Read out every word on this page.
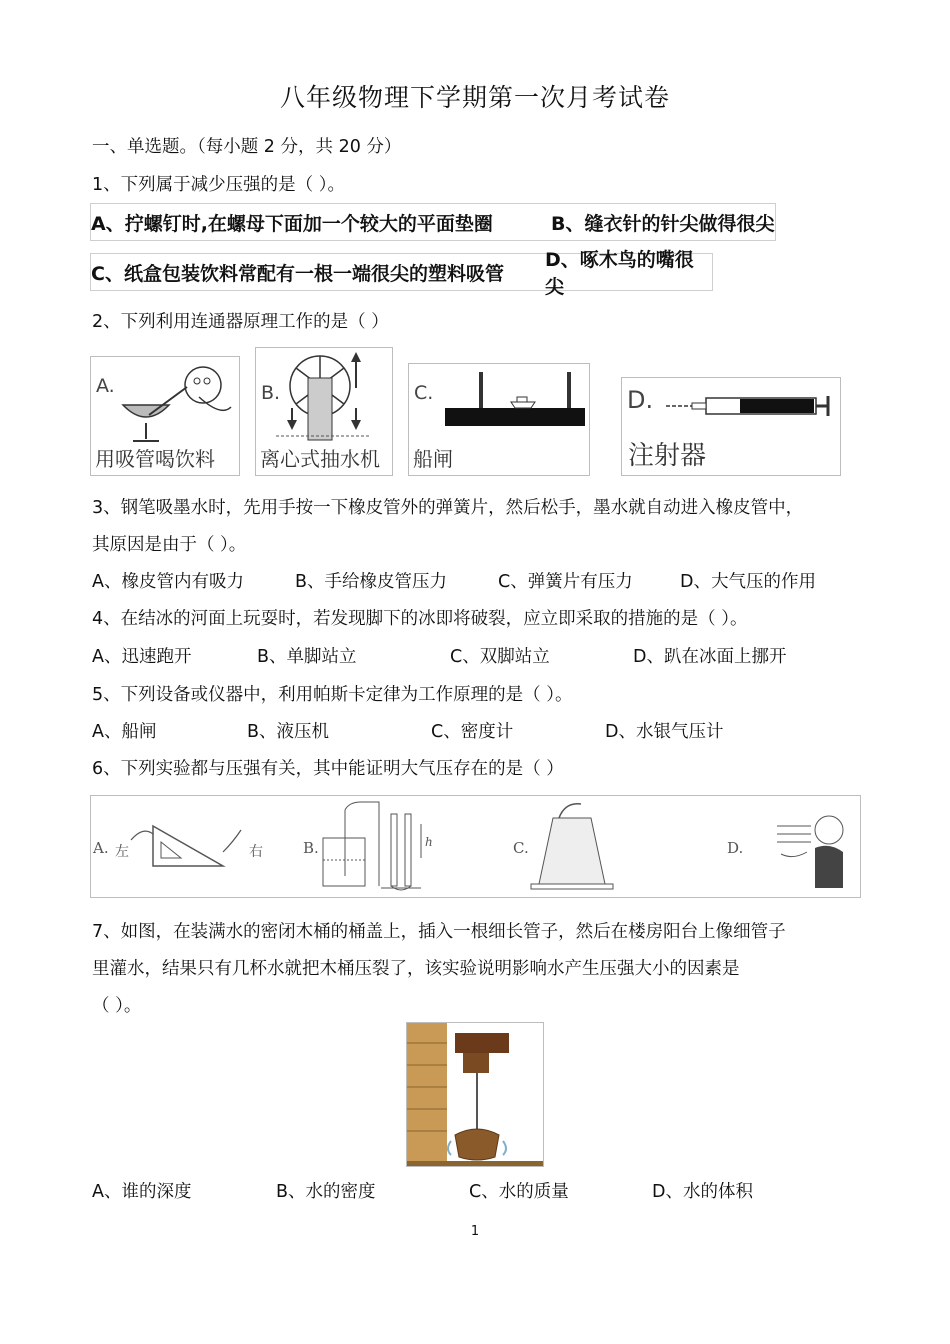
八年级物理下学期第一次月考试卷
一、单选题。（每小题 2 分，共 20 分）
1、下列属于减少压强的是（ ）。
A、拧螺钉时,在螺母下面加一个较大的平面垫圈	B、缝衣针的针尖做得很尖
C、纸盒包装饮料常配有一根一端很尖的塑料吸管
D、啄木鸟的嘴很尖
2、下列利用连通器原理工作的是（ ）
A.
用吸管喝饮料
B.
离心式抽水机
C.
船闸
D.
注射器
3、钢笔吸墨水时，先用手按一下橡皮管外的弹簧片，然后松手，墨水就自动进入橡皮管中，
其原因是由于（ ）。
A、橡皮管内有吸力	B、手给橡皮管压力	C、弹簧片有压力	D、大气压的作用
4、在结冰的河面上玩耍时，若发现脚下的冰即将破裂，应立即采取的措施的是（ ）。
A、迅速跑开	B、单脚站立	C、双脚站立	D、趴在冰面上挪开
5、下列设备或仪器中，利用帕斯卡定律为工作原理的是（ ）。
A、船闸	B、液压机	C、密度计	D、水银气压计
6、下列实验都与压强有关，其中能证明大气压存在的是（ ）
A. 左	右	B.	h	C.	D.
7、如图，在装满水的密闭木桶的桶盖上，插入一根细长管子，然后在楼房阳台上像细管子
里灌水，结果只有几杯水就把木桶压裂了，该实验说明影响水产生压强大小的因素是
（ ）。
A、谁的深度	B、水的密度	C、水的质量	D、水的体积
1
